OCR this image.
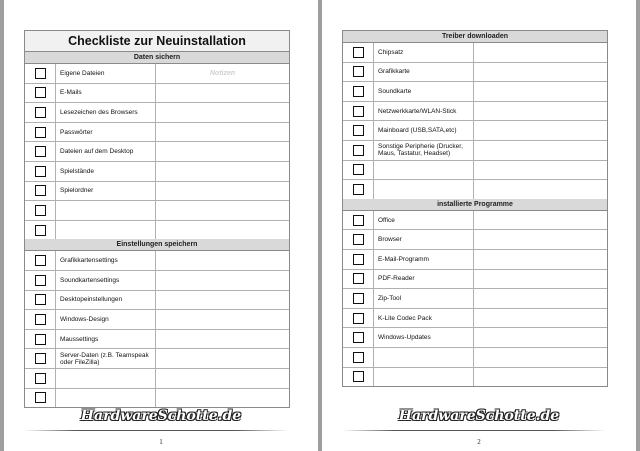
Checkliste zur Neuinstallation
Daten sichern
Eigene Dateien	Notizen
E-Mails
Lesezeichen des Browsers
Passwörter
Dateien auf dem Desktop
Spielstände
Spielordner
Einstellungen speichern
Grafikkartensettings
Soundkartensettings
Desktopeinstellungen
Windows-Design
Maussettings
Server-Daten (z.B. Teamspeak oder FileZilla)
HardwareSchotte.de
1
Treiber downloaden
Chipsatz
Grafikkarte
Soundkarte
Netzwerkkarte/WLAN-Stick
Mainboard (USB,SATA,etc)
Sonstige Peripherie (Drucker, Maus, Tastatur, Headset)
installierte Programme
Office
Browser
E-Mail-Programm
PDF-Reader
Zip-Tool
K-Lite Codec Pack
Windows-Updates
HardwareSchotte.de
2
